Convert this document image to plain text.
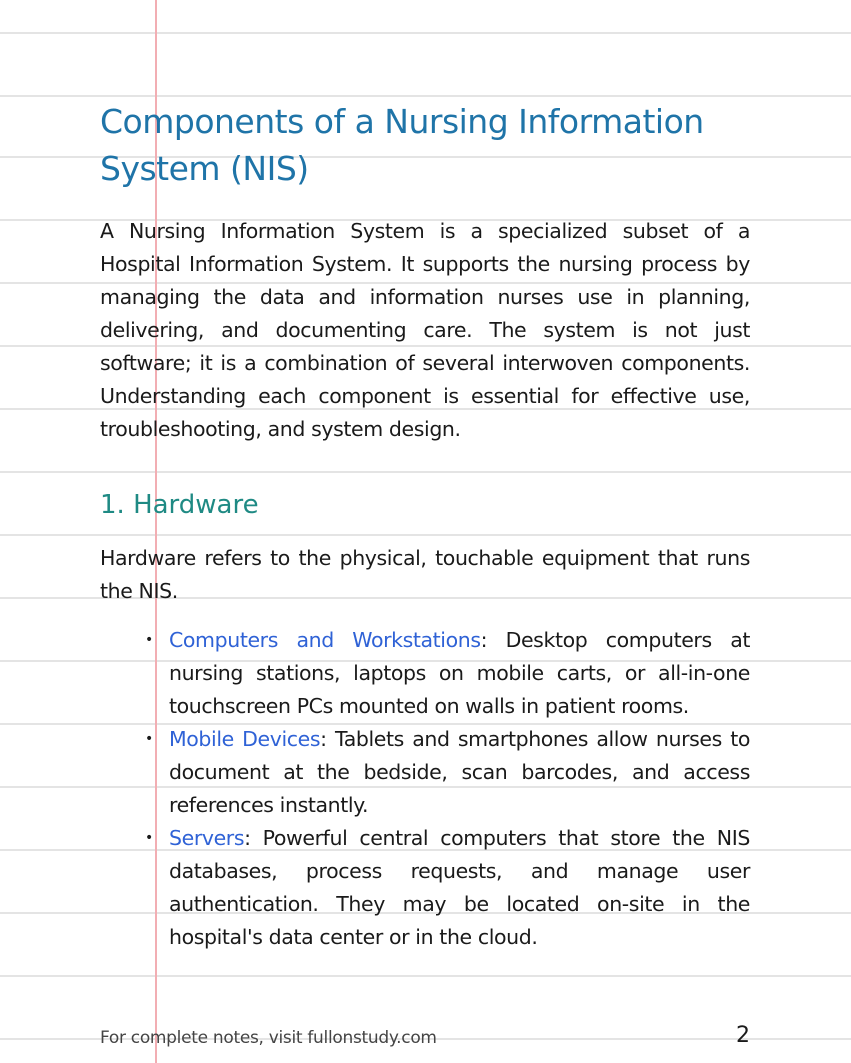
Components of a Nursing Information System (NIS)

A Nursing Information System is a specialized subset of a Hospital Information System. It supports the nursing process by managing the data and information nurses use in planning, delivering, and documenting care. The system is not just software; it is a combination of several interwoven components. Understanding each component is essential for effective use, troubleshooting, and system design.

1. Hardware

Hardware refers to the physical, touchable equipment that runs the NIS.

• Computers and Workstations: Desktop computers at nursing stations, laptops on mobile carts, or all-in-one touchscreen PCs mounted on walls in patient rooms.
• Mobile Devices: Tablets and smartphones allow nurses to document at the bedside, scan barcodes, and access references instantly.
• Servers: Powerful central computers that store the NIS databases, process requests, and manage user authentication. They may be located on-site in the hospital's data center or in the cloud.
For complete notes, visit fullonstudy.com	2
